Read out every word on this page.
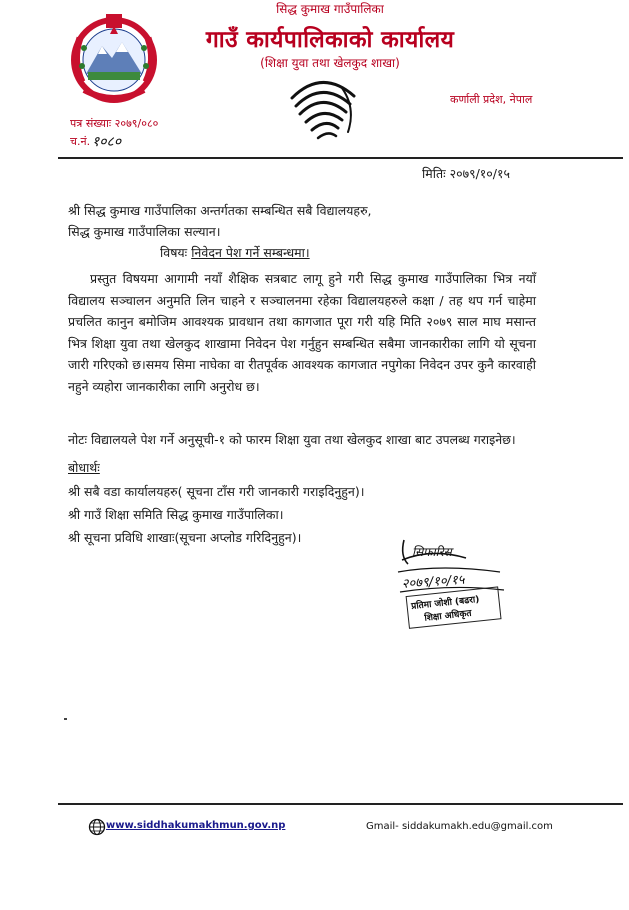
सिद्ध कुमाख गाउँपालिका
गाउँ कार्यपालिकाको कार्यालय
(शिक्षा युवा तथा खेलकुद शाखा)
कर्णाली प्रदेश, नेपाल
पत्र संख्याः २०७९/०८०
च.नं. १०८०
मितिः २०७९/१०/१५
श्री सिद्ध कुमाख गाउँपालिका अन्तर्गतका सम्बन्धित सबै विद्यालयहरु,
सिद्ध कुमाख गाउँपालिका सल्यान।
विषयः निवेदन पेश गर्ने सम्बन्धमा।
प्रस्तुत विषयमा आगामी नयाँ शैक्षिक सत्रबाट लागू हुने गरी सिद्ध कुमाख गाउँपालिका भित्र नयाँ विद्यालय सञ्चालन अनुमति लिन चाहने र सञ्चालनमा रहेका विद्यालयहरुले कक्षा / तह थप गर्न चाहेमा प्रचलित कानुन बमोजिम आवश्यक प्रावधान तथा कागजात पूरा गरी यहि मिति २०७९ साल माघ मसान्त भित्र शिक्षा युवा तथा खेलकुद शाखामा निवेदन पेश गर्नुहुन सम्बन्धित सबैमा जानकारीका लागि यो सूचना जारी गरिएको छ।समय सिमा नाघेका वा रीतपूर्वक आवश्यक कागजात नपुगेका निवेदन उपर कुनै कारवाही नहुने व्यहोरा जानकारीका लागि अनुरोध छ।
नोटः विद्यालयले पेश गर्ने अनुसूची-१ को फारम शिक्षा युवा तथा खेलकुद शाखा बाट उपलब्ध गराइनेछ।
बोधार्थः
श्री सबै वडा कार्यालयहरु( सूचना टाँस गरी जानकारी गराइदिनुहुन)।
श्री गाउँ शिक्षा समिति सिद्ध कुमाख गाउँपालिका।
श्री सूचना प्रविधि शाखाः(सूचना अप्लोड गरिदिनुहुन)।
सिफारिस
२०७९/१०/१५
प्रतिमा जोशी (बढरा)
शिक्षा अधिकृत
www.siddhakumakhmun.gov.np	Gmail- siddakumakh.edu@gmail.com
